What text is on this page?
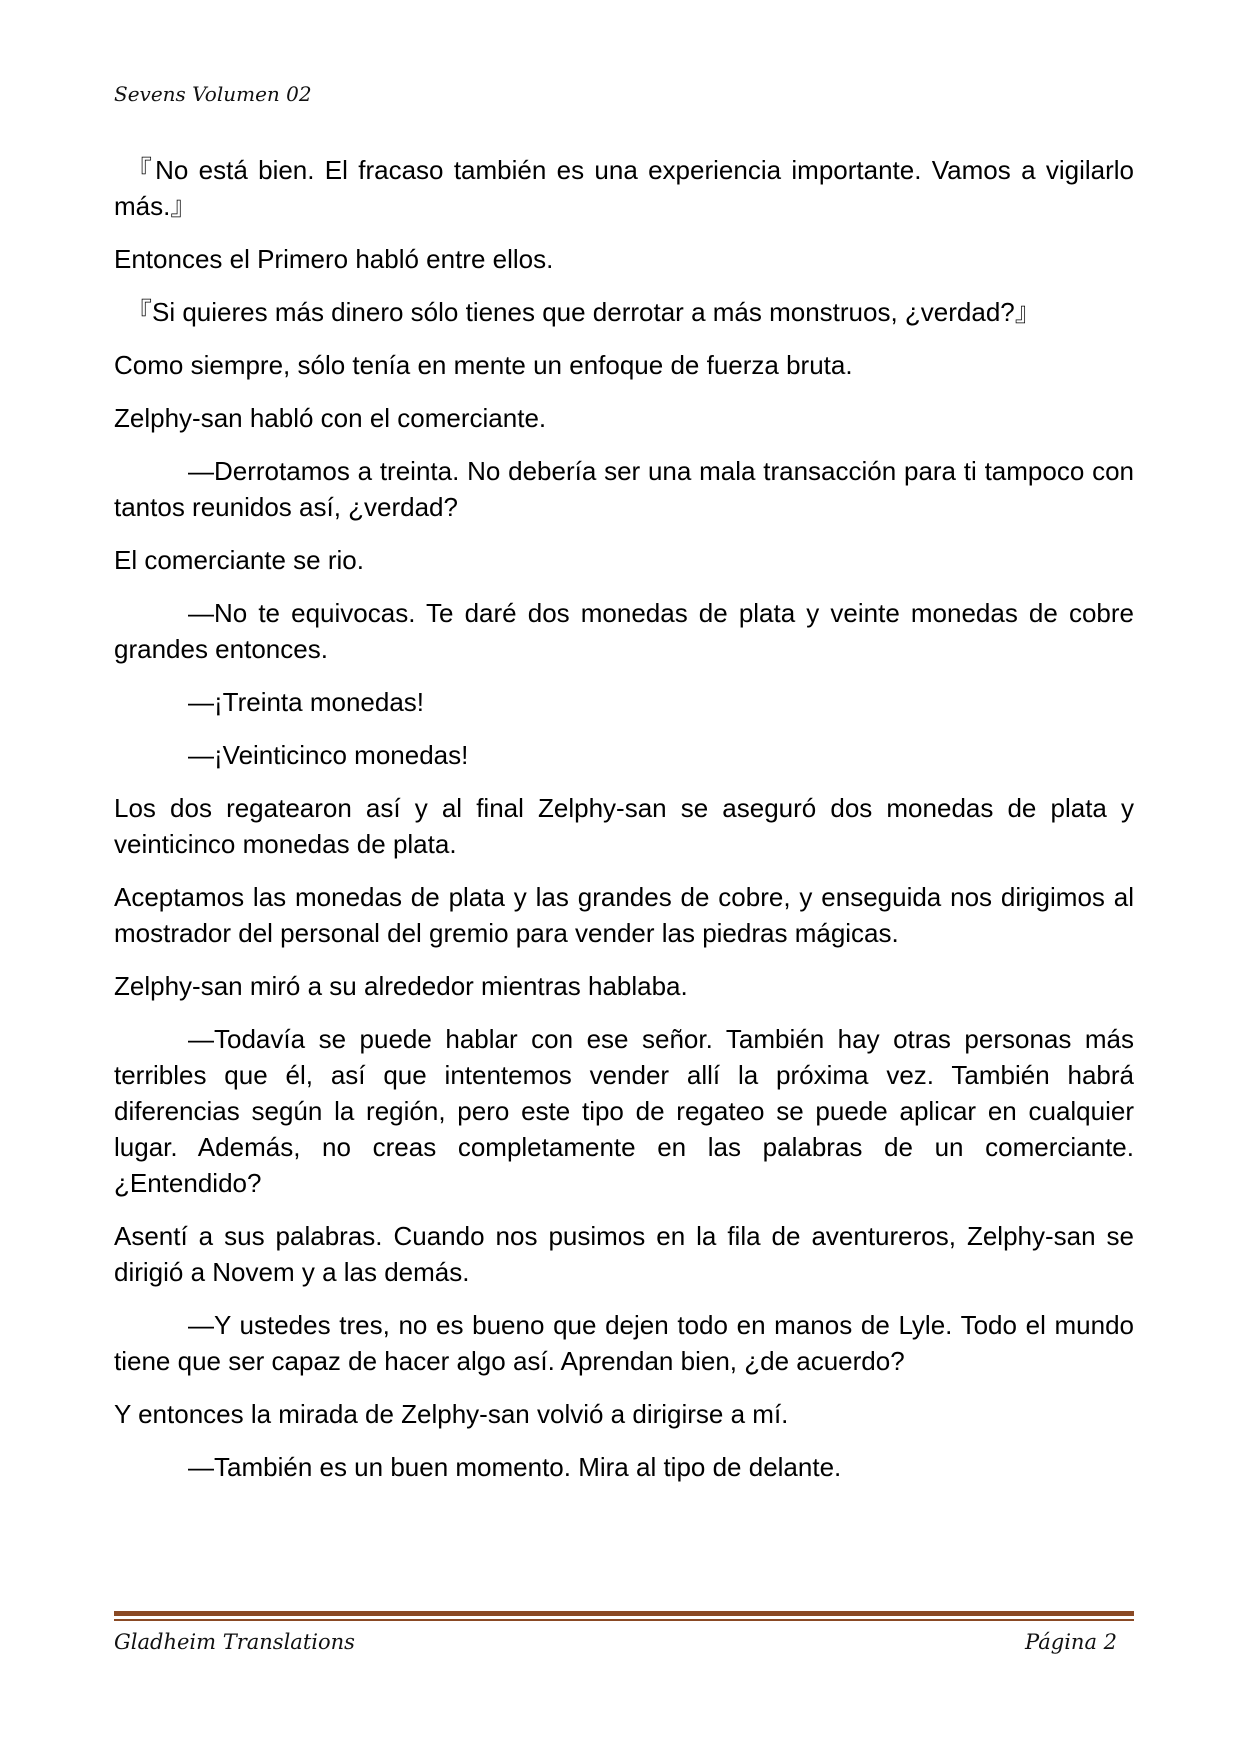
Sevens Volumen 02

『No está bien. El fracaso también es una experiencia importante. Vamos a vigilarlo más.』

Entonces el Primero habló entre ellos.

『Si quieres más dinero sólo tienes que derrotar a más monstruos, ¿verdad?』

Como siempre, sólo tenía en mente un enfoque de fuerza bruta.

Zelphy-san habló con el comerciante.

—Derrotamos a treinta. No debería ser una mala transacción para ti tampoco con tantos reunidos así, ¿verdad?

El comerciante se rio.

—No te equivocas. Te daré dos monedas de plata y veinte monedas de cobre grandes entonces.

—¡Treinta monedas!

—¡Veinticinco monedas!

Los dos regatearon así y al final Zelphy-san se aseguró dos monedas de plata y veinticinco monedas de plata.

Aceptamos las monedas de plata y las grandes de cobre, y enseguida nos dirigimos al mostrador del personal del gremio para vender las piedras mágicas.

Zelphy-san miró a su alrededor mientras hablaba.

—Todavía se puede hablar con ese señor. También hay otras personas más terribles que él, así que intentemos vender allí la próxima vez. También habrá diferencias según la región, pero este tipo de regateo se puede aplicar en cualquier lugar. Además, no creas completamente en las palabras de un comerciante. ¿Entendido?

Asentí a sus palabras. Cuando nos pusimos en la fila de aventureros, Zelphy-san se dirigió a Novem y a las demás.

—Y ustedes tres, no es bueno que dejen todo en manos de Lyle. Todo el mundo tiene que ser capaz de hacer algo así. Aprendan bien, ¿de acuerdo?

Y entonces la mirada de Zelphy-san volvió a dirigirse a mí.

—También es un buen momento. Mira al tipo de delante.

Gladheim Translations	Página 2
